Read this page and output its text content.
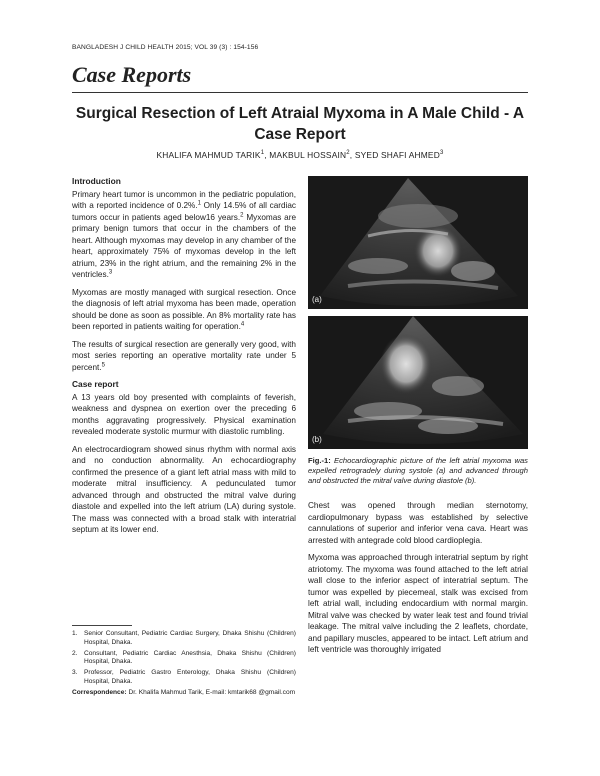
BANGLADESH J CHILD HEALTH 2015; VOL 39 (3) : 154-156
Case Reports
Surgical Resection of Left Atraial Myxoma in A Male Child - A Case Report
KHALIFA MAHMUD TARIK$^1$, MAKBUL HOSSAIN$^2$, SYED SHAFI AHMED$^3$
Introduction

Primary heart tumor is uncommon in the pediatric population, with a reported incidence of 0.2%.$^1$ Only 14.5% of all cardiac tumors occur in patients aged below16 years.$^2$ Myxomas are primary benign tumors that occur in the chambers of the heart. Although myxomas may develop in any chamber of the heart, approximately 75% of myxomas develop in the left atrium, 23% in the right atrium, and the remaining 2% in the ventricles.$^3$

Myxomas are mostly managed with surgical resection. Once the diagnosis of left atrial myxoma has been made, operation should be done as soon as possible. An 8% mortality rate has been reported in patients waiting for operation.$^4$

The results of surgical resection are generally very good, with most series reporting an operative mortality rate under 5 percent.$^5$

Case report

A 13 years old boy presented with complaints of feverish, weakness and dyspnea on exertion over the preceding 6 months aggravating progressively. Physical examination revealed moderate systolic murmur with diastolic rumbling.

An electrocardiogram showed sinus rhythm with normal axis and no conduction abnormality. An echocardiography confirmed the presence of a giant left atrial mass with mild to moderate mitral insufficiency. A pedunculated tumor advanced through and obstructed the mitral valve during diastole and expelled into the left atrium (LA) during systole. The mass was connected with a broad stalk with interatrial septum at its lower end.

1. Senior Consultant, Pediatric Cardiac Surgery, Dhaka Shishu (Children) Hospital, Dhaka.
2. Consultant, Pediatric Cardiac Anesthsia, Dhaka Shishu (Children) Hospital, Dhaka.
3. Professor, Pediatric Gastro Enterology, Dhaka Shishu (Children) Hospital, Dhaka.
Correspondence: Dr. Khalifa Mahmud Tarik, E-mail: kmtarik68 @gmail.com
(a)
(b)
Fig.-1: Echocardiographic picture of the left atrial myxoma was expelled retrogradely during systole (a) and advanced through and obstructed the mitral valve during diastole (b).

Chest was opened through median sternotomy, cardiopulmonary bypass was established by selective cannulations of superior and inferior vena cava. Heart was arrested with antegrade cold blood cardioplegia.

Myxoma was approached through interatrial septum by right atriotomy. The myxoma was found attached to the left atrial wall close to the inferior aspect of interatrial septum. The tumor was expelled by piecemeal, stalk was excised from left atrial wall, including endocardium with normal margin. Mitral valve was checked by water leak test and found trivial leakage. The mitral valve including the 2 leaflets, chordate, and papillary muscles, appeared to be intact. Left atrium and left ventricle was thoroughly irrigated
